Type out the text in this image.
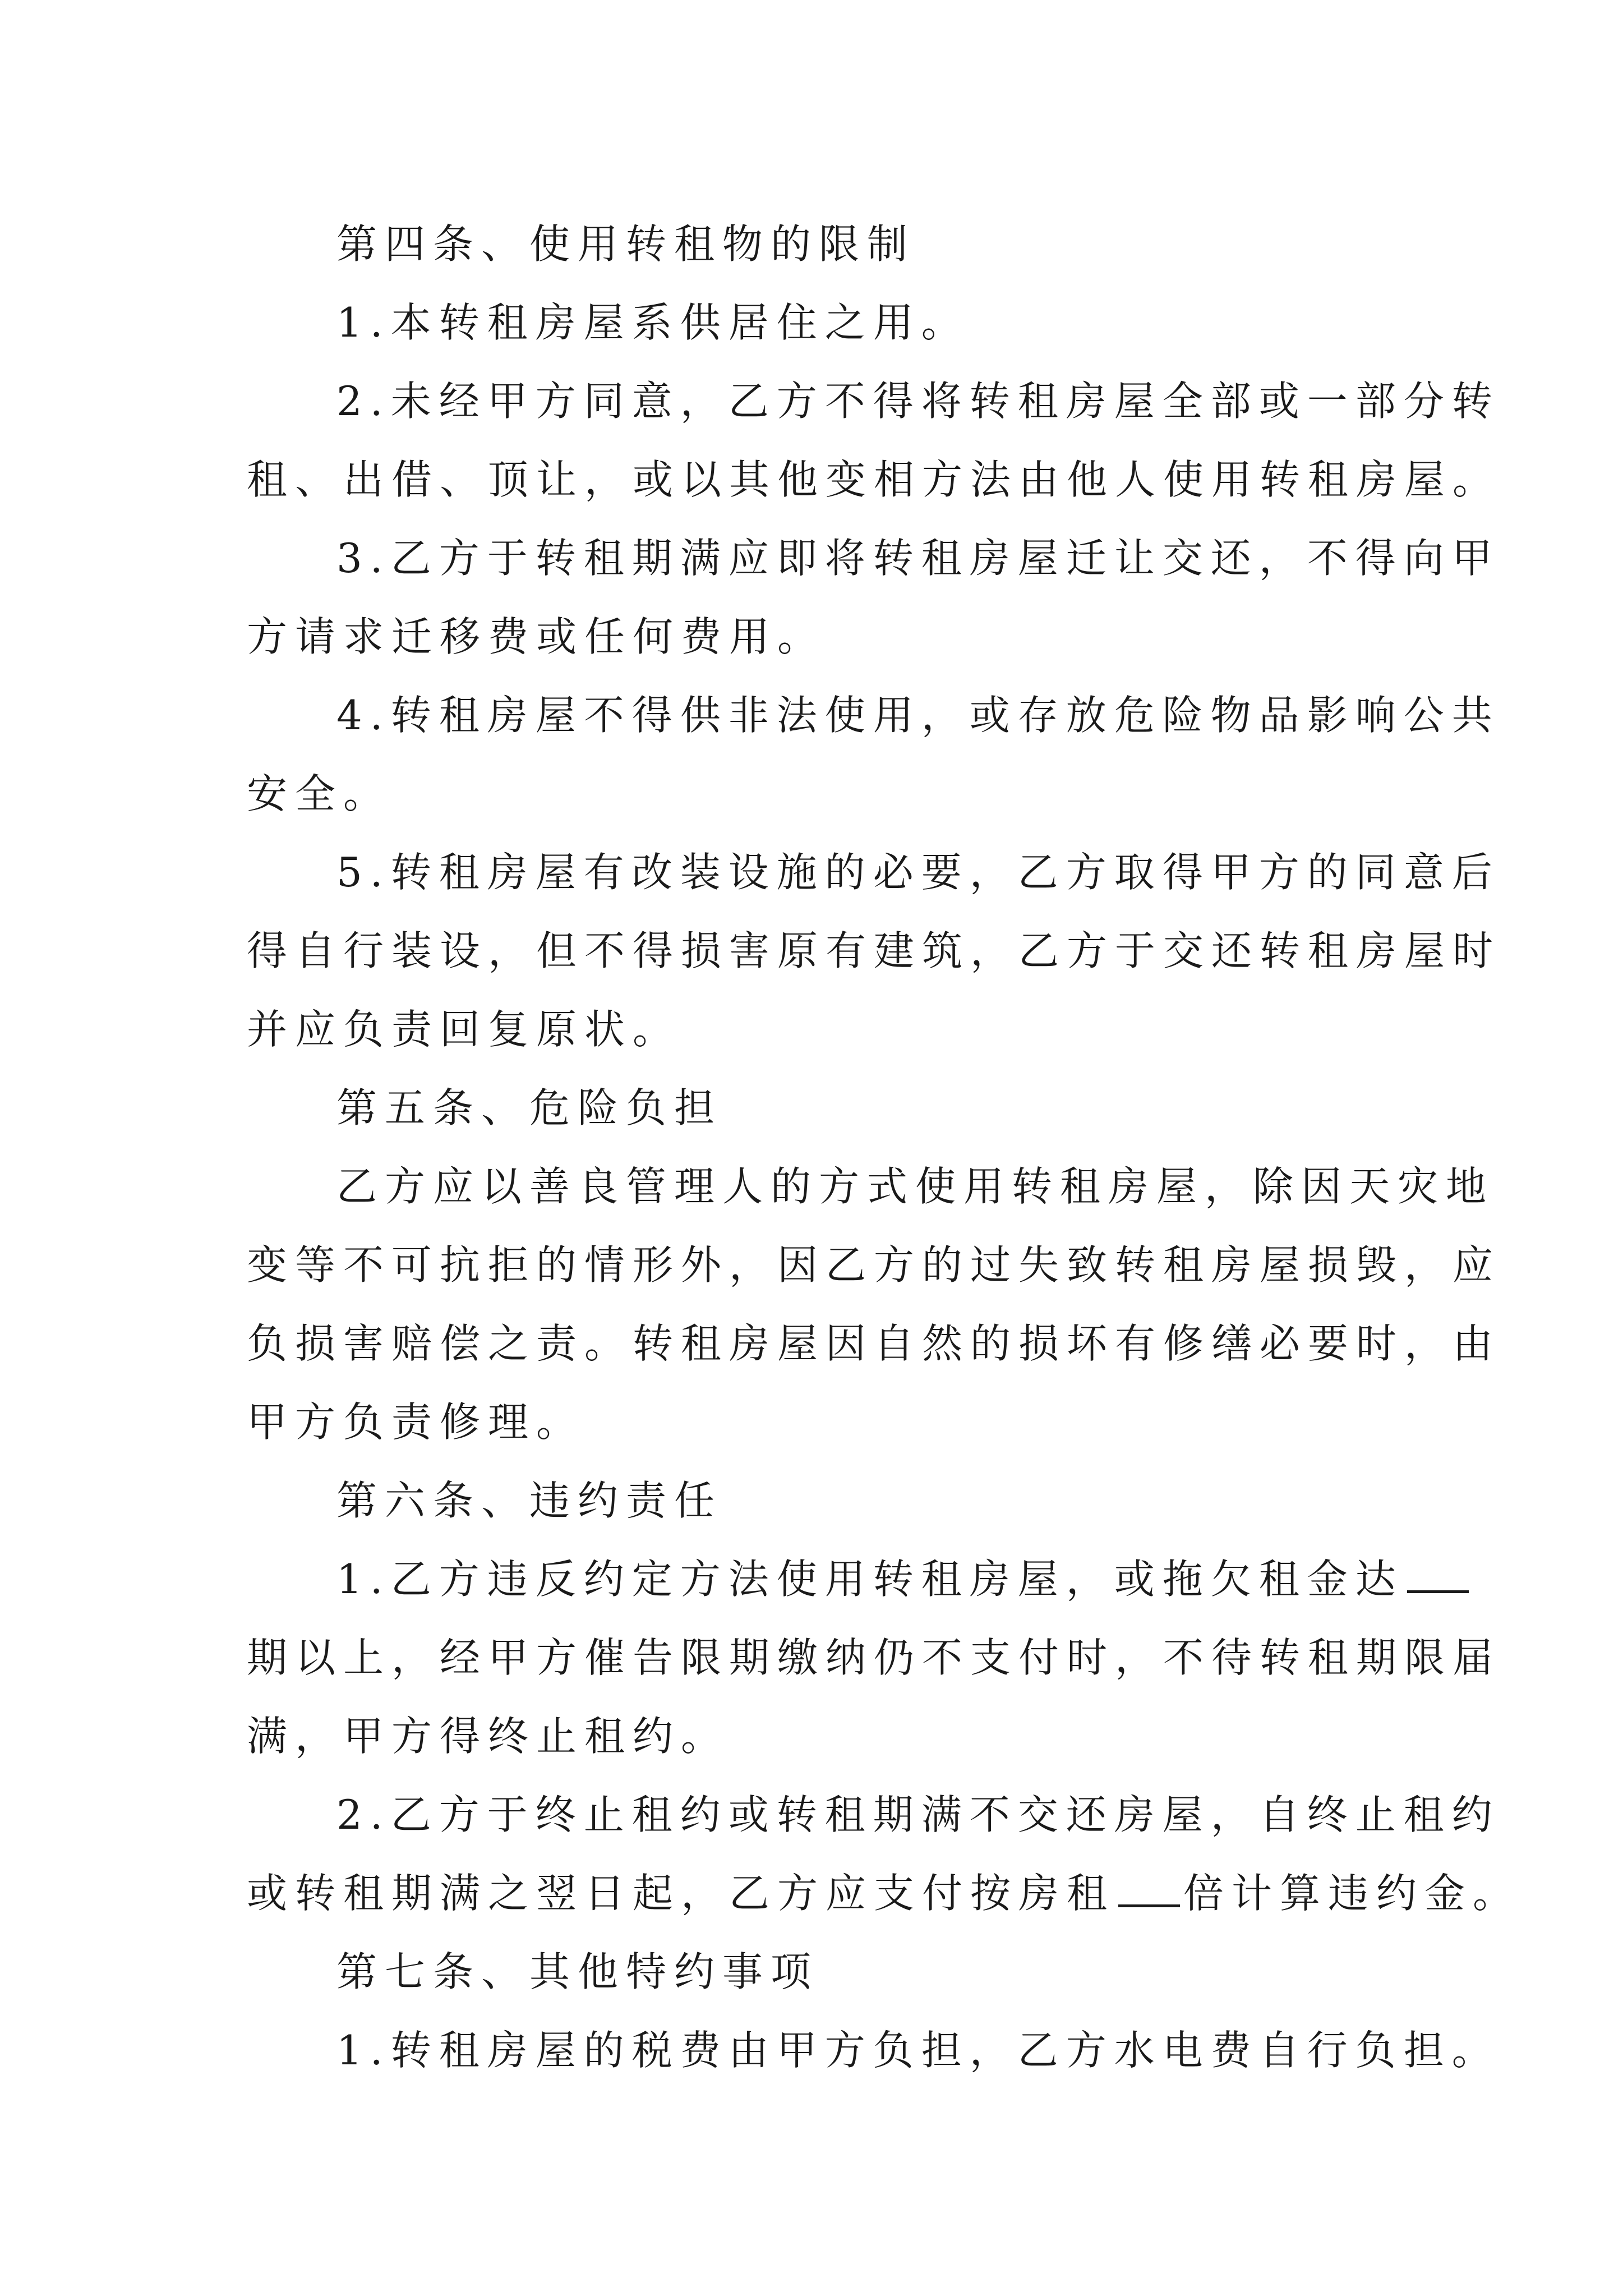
第四条、使用转租物的限制
1.本转租房屋系供居住之用。
2.未经甲方同意，乙方不得将转租房屋全部或一部分转
租、出借、顶让，或以其他变相方法由他人使用转租房屋。
3.乙方于转租期满应即将转租房屋迁让交还，不得向甲
方请求迁移费或任何费用。
4.转租房屋不得供非法使用，或存放危险物品影响公共
安全。
5.转租房屋有改装设施的必要，乙方取得甲方的同意后
得自行装设，但不得损害原有建筑，乙方于交还转租房屋时
并应负责回复原状。
第五条、危险负担
乙方应以善良管理人的方式使用转租房屋，除因天灾地
变等不可抗拒的情形外，因乙方的过失致转租房屋损毁，应
负损害赔偿之责。转租房屋因自然的损坏有修缮必要时，由
甲方负责修理。
第六条、违约责任
1.乙方违反约定方法使用转租房屋，或拖欠租金达
期以上，经甲方催告限期缴纳仍不支付时，不待转租期限届
满，甲方得终止租约。
2.乙方于终止租约或转租期满不交还房屋，自终止租约
或转租期满之翌日起，乙方应支付按房租 倍计算违约金。
第七条、其他特约事项
1.转租房屋的税费由甲方负担，乙方水电费自行负担。
